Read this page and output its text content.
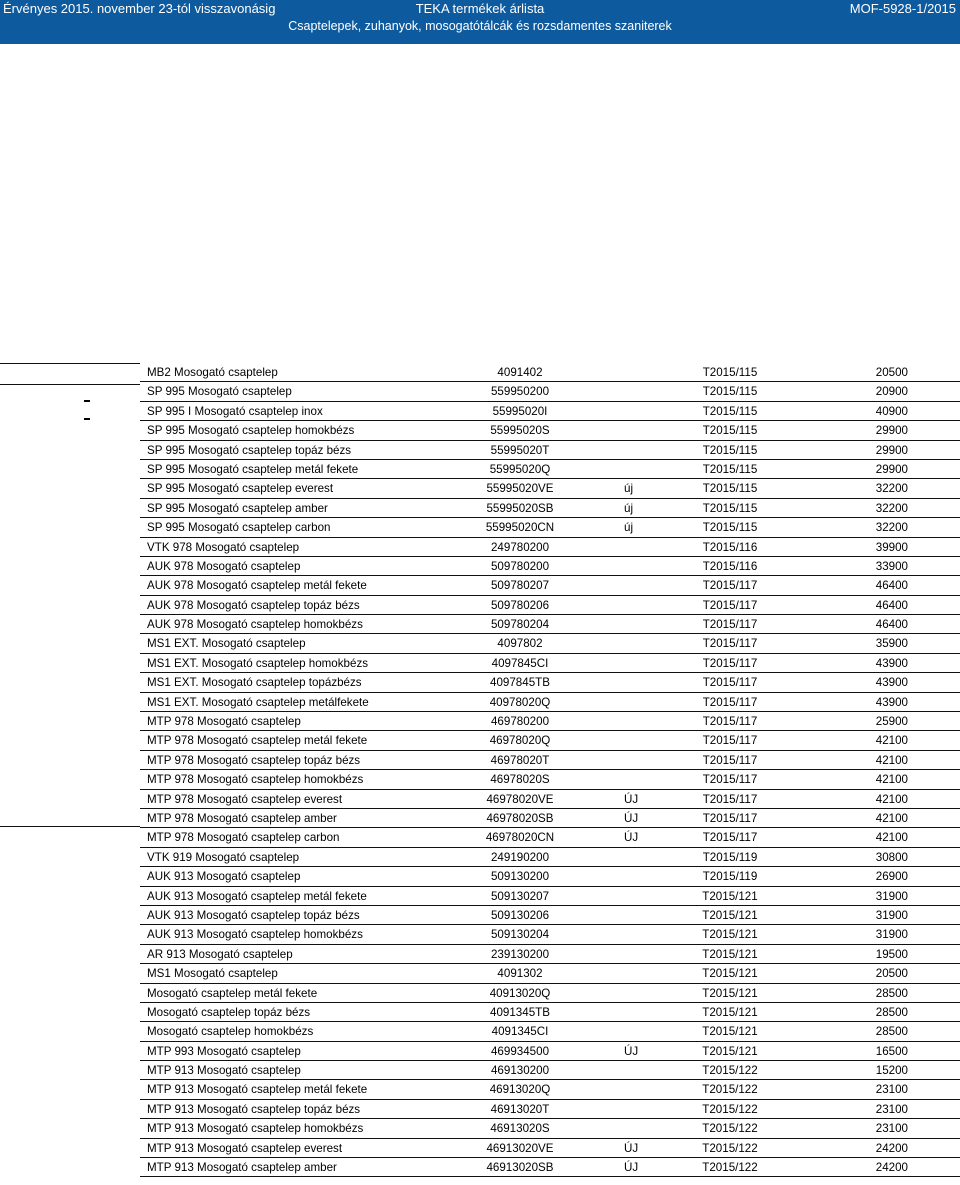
Érvényes 2015. november 23-tól visszavonásig	TEKA termékek árlista
Csaptelepek, zuhanyok, mosogatótálcák és rozsdamentes szaniterek
MOF-5928-1/2015
MB2 Mosogató csaptelep	4091402	T2015/115	20500
SP 995 Mosogató csaptelep	559950200	T2015/115	20900
SP 995 I Mosogató csaptelep inox	55995020I	T2015/115	40900
SP 995 Mosogató csaptelep homokbézs	55995020S	T2015/115	29900
SP 995 Mosogató csaptelep topáz bézs	55995020T	T2015/115	29900
SP 995 Mosogató csaptelep metál fekete	55995020Q	T2015/115	29900
SP 995 Mosogató csaptelep everest	55995020VE	új	T2015/115	32200
SP 995 Mosogató csaptelep amber	55995020SB	új	T2015/115	32200
SP 995 Mosogató csaptelep carbon	55995020CN	új	T2015/115	32200
VTK 978 Mosogató csaptelep	249780200	T2015/116	39900
AUK 978 Mosogató csaptelep	509780200	T2015/116	33900
AUK 978 Mosogató csaptelep metál fekete	509780207	T2015/117	46400
AUK 978 Mosogató csaptelep topáz bézs	509780206	T2015/117	46400
AUK 978 Mosogató csaptelep homokbézs	509780204	T2015/117	46400
MS1 EXT. Mosogató csaptelep	4097802	T2015/117	35900
MS1 EXT. Mosogató csaptelep homokbézs	4097845CI	T2015/117	43900
MS1 EXT. Mosogató csaptelep topázbézs	4097845TB	T2015/117	43900
MS1 EXT. Mosogató csaptelep metálfekete	40978020Q	T2015/117	43900
MTP 978 Mosogató csaptelep	469780200	T2015/117	25900
MTP 978 Mosogató csaptelep metál fekete	46978020Q	T2015/117	42100
MTP 978 Mosogató csaptelep topáz bézs	46978020T	T2015/117	42100
MTP 978 Mosogató csaptelep homokbézs	46978020S	T2015/117	42100
MTP 978 Mosogató csaptelep everest	46978020VE	ÚJ	T2015/117	42100
MTP 978 Mosogató csaptelep amber	46978020SB	ÚJ	T2015/117	42100
MTP 978 Mosogató csaptelep carbon	46978020CN	ÚJ	T2015/117	42100
VTK 919 Mosogató csaptelep	249190200	T2015/119	30800
AUK 913 Mosogató csaptelep	509130200	T2015/119	26900
AUK 913 Mosogató csaptelep metál fekete	509130207	T2015/121	31900
AUK 913 Mosogató csaptelep topáz bézs	509130206	T2015/121	31900
AUK 913 Mosogató csaptelep homokbézs	509130204	T2015/121	31900
AR 913 Mosogató csaptelep	239130200	T2015/121	19500
MS1 Mosogató csaptelep	4091302	T2015/121	20500
Mosogató csaptelep metál fekete	40913020Q	T2015/121	28500
Mosogató csaptelep topáz bézs	4091345TB	T2015/121	28500
Mosogató csaptelep homokbézs	4091345CI	T2015/121	28500
MTP 993 Mosogató csaptelep	469934500	ÚJ	T2015/121	16500
MTP 913 Mosogató csaptelep	469130200	T2015/122	15200
MTP 913 Mosogató csaptelep metál fekete	46913020Q	T2015/122	23100
MTP 913 Mosogató csaptelep topáz bézs	46913020T	T2015/122	23100
MTP 913 Mosogató csaptelep homokbézs	46913020S	T2015/122	23100
MTP 913 Mosogató csaptelep everest	46913020VE	ÚJ	T2015/122	24200
MTP 913 Mosogató csaptelep amber	46913020SB	ÚJ	T2015/122	24200
